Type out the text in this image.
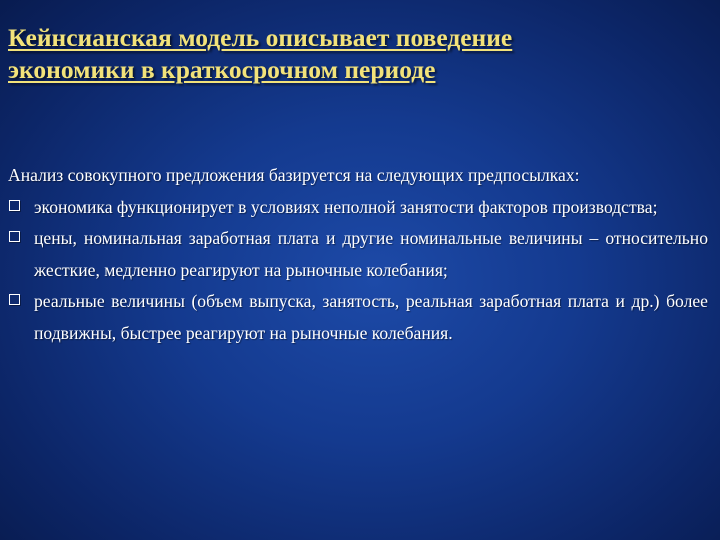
Кейнсианская модель описывает поведение
экономики в краткосрочном периоде

Анализ совокупного предложения базируется на следующих предпосылках:

экономика функционирует в условиях неполной занятости факторов производства;
цены, номинальная заработная плата и другие номинальные величины – относительно жесткие, медленно реагируют на рыночные колебания;
реальные величины (объем выпуска, занятость, реальная заработная плата и др.) более подвижны, быстрее реагируют на рыночные колебания.
